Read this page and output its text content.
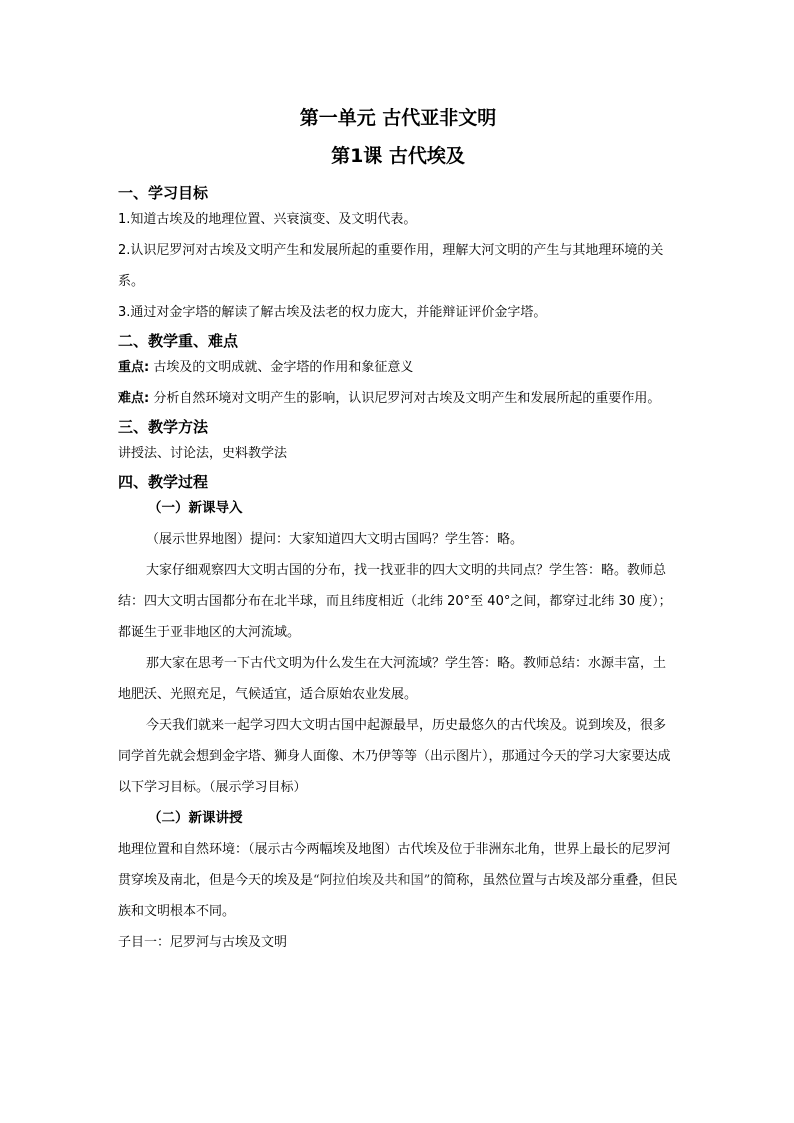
第一单元 古代亚非文明
第1课 古代埃及
一、学习目标

1.知道古埃及的地理位置、兴衰演变、及文明代表。

2.认识尼罗河对古埃及文明产生和发展所起的重要作用，理解大河文明的产生与其地理环境的关系。

3.通过对金字塔的解读了解古埃及法老的权力庞大，并能辩证评价金字塔。

二、教学重、难点

重点: 古埃及的文明成就、金字塔的作用和象征意义

难点: 分析自然环境对文明产生的影响，认识尼罗河对古埃及文明产生和发展所起的重要作用。

三、教学方法

讲授法、讨论法，史料教学法

四、教学过程
（一）新课导入

（展示世界地图）提问：大家知道四大文明古国吗？学生答：略。

大家仔细观察四大文明古国的分布，找一找亚非的四大文明的共同点？学生答：略。教师总结：四大文明古国都分布在北半球，而且纬度相近（北纬 20°至 40°之间，都穿过北纬 30 度）；都诞生于亚非地区的大河流域。

那大家在思考一下古代文明为什么发生在大河流域？学生答：略。教师总结：水源丰富，土地肥沃、光照充足，气候适宜，适合原始农业发展。

今天我们就来一起学习四大文明古国中起源最早，历史最悠久的古代埃及。说到埃及，很多同学首先就会想到金字塔、狮身人面像、木乃伊等等（出示图片），那通过今天的学习大家要达成以下学习目标。（展示学习目标）

（二）新课讲授

地理位置和自然环境：（展示古今两幅埃及地图）古代埃及位于非洲东北角，世界上最长的尼罗河贯穿埃及南北，但是今天的埃及是“阿拉伯埃及共和国”的简称，虽然位置与古埃及部分重叠，但民族和文明根本不同。

子目一：尼罗河与古埃及文明
